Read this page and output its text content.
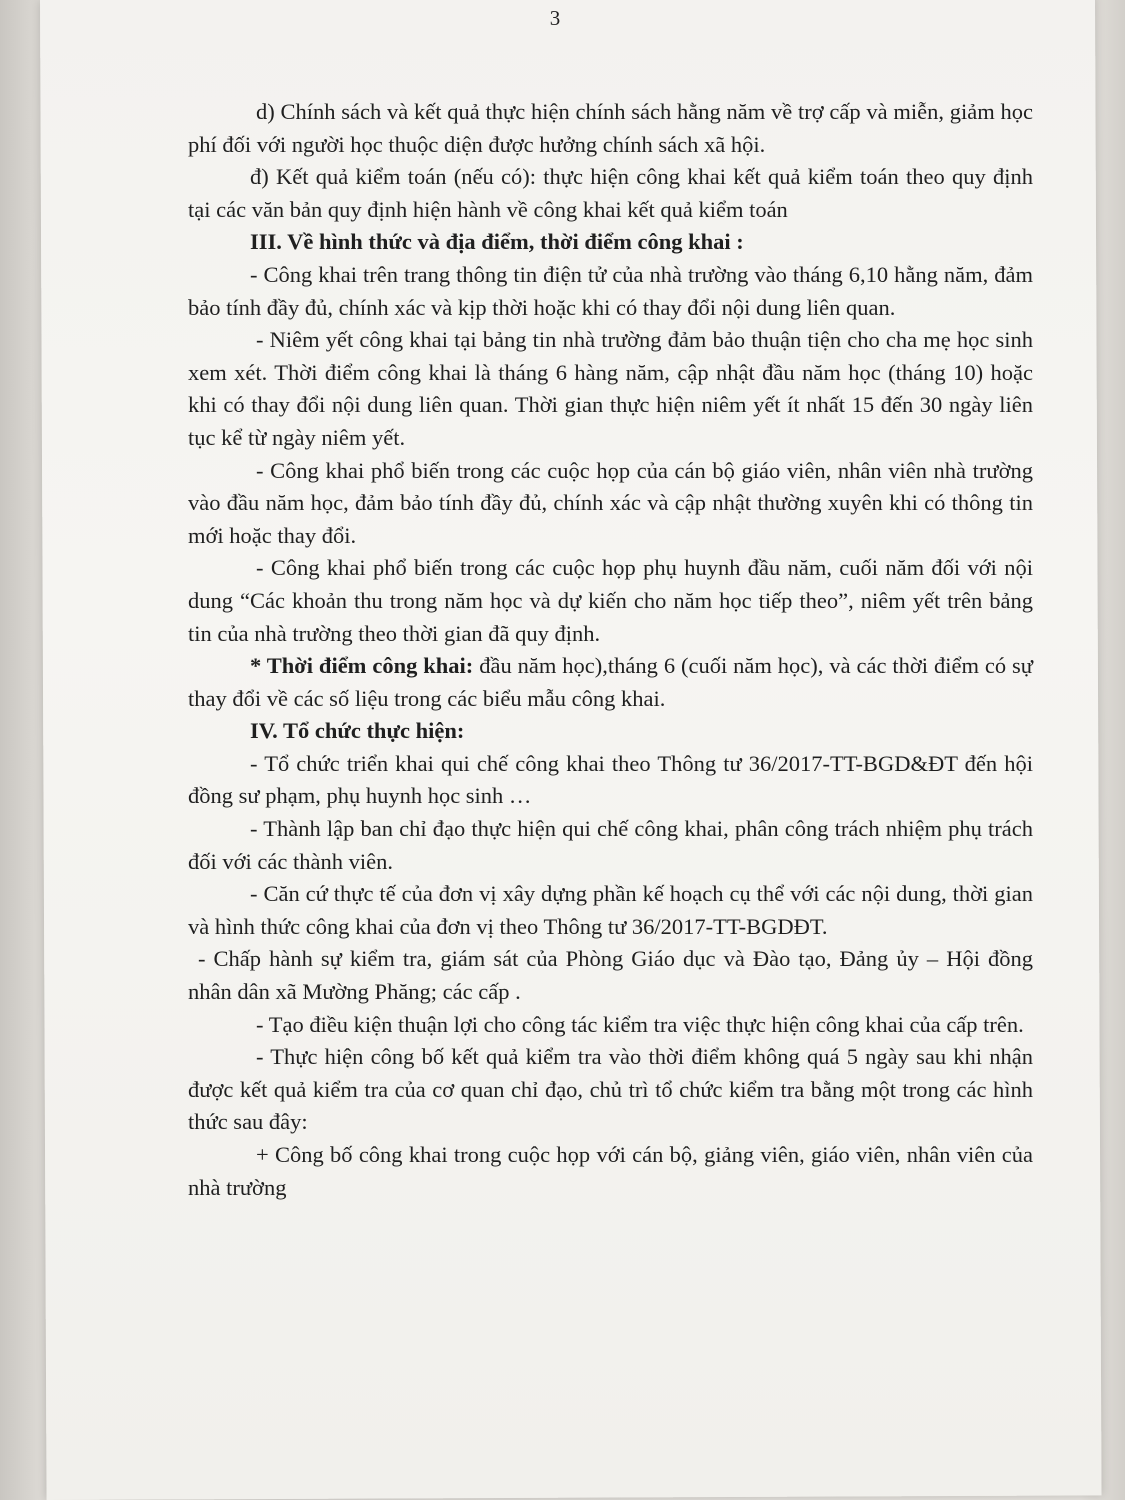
3

d) Chính sách và kết quả thực hiện chính sách hằng năm về trợ cấp và miễn, giảm học phí đối với người học thuộc diện được hưởng chính sách xã hội.

đ) Kết quả kiểm toán (nếu có): thực hiện công khai kết quả kiểm toán theo quy định tại các văn bản quy định hiện hành về công khai kết quả kiểm toán

III. Về hình thức và địa điểm, thời điểm công khai :

- Công khai trên trang thông tin điện tử của nhà trường vào tháng 6,10 hằng năm, đảm bảo tính đầy đủ, chính xác và kịp thời hoặc khi có thay đổi nội dung liên quan.

- Niêm yết công khai tại bảng tin nhà trường đảm bảo thuận tiện cho cha mẹ học sinh xem xét. Thời điểm công khai là tháng 6 hàng năm, cập nhật đầu năm học (tháng 10) hoặc khi có thay đổi nội dung liên quan. Thời gian thực hiện niêm yết ít nhất 15 đến 30 ngày liên tục kể từ ngày niêm yết.

- Công khai phổ biến trong các cuộc họp của cán bộ giáo viên, nhân viên nhà trường vào đầu năm học, đảm bảo tính đầy đủ, chính xác và cập nhật thường xuyên khi có thông tin mới hoặc thay đổi.

- Công khai phổ biến trong các cuộc họp phụ huynh đầu năm, cuối năm đối với nội dung “Các khoản thu trong năm học và dự kiến cho năm học tiếp theo”, niêm yết trên bảng tin của nhà trường theo thời gian đã quy định.

* Thời điểm công khai: đầu năm học),tháng 6 (cuối năm học), và các thời điểm có sự thay đổi về các số liệu trong các biểu mẫu công khai.

IV. Tổ chức thực hiện:

- Tổ chức triển khai qui chế công khai theo Thông tư 36/2017-TT-BGD&ĐT đến hội đồng sư phạm, phụ huynh học sinh …

- Thành lập ban chỉ đạo thực hiện qui chế công khai, phân công trách nhiệm phụ trách đối với các thành viên.

- Căn cứ thực tế của đơn vị xây dựng phần kế hoạch cụ thể với các nội dung, thời gian và hình thức công khai của đơn vị theo Thông tư 36/2017-TT-BGDĐT.

- Chấp hành sự kiểm tra, giám sát của Phòng Giáo dục và Đào tạo, Đảng ủy – Hội đồng nhân dân xã Mường Phăng; các cấp .

- Tạo điều kiện thuận lợi cho công tác kiểm tra việc thực hiện công khai của cấp trên.

- Thực hiện công bố kết quả kiểm tra vào thời điểm không quá 5 ngày sau khi nhận được kết quả kiểm tra của cơ quan chỉ đạo, chủ trì tổ chức kiểm tra bằng một trong các hình thức sau đây:

+ Công bố công khai trong cuộc họp với cán bộ, giảng viên, giáo viên, nhân viên của nhà trường
